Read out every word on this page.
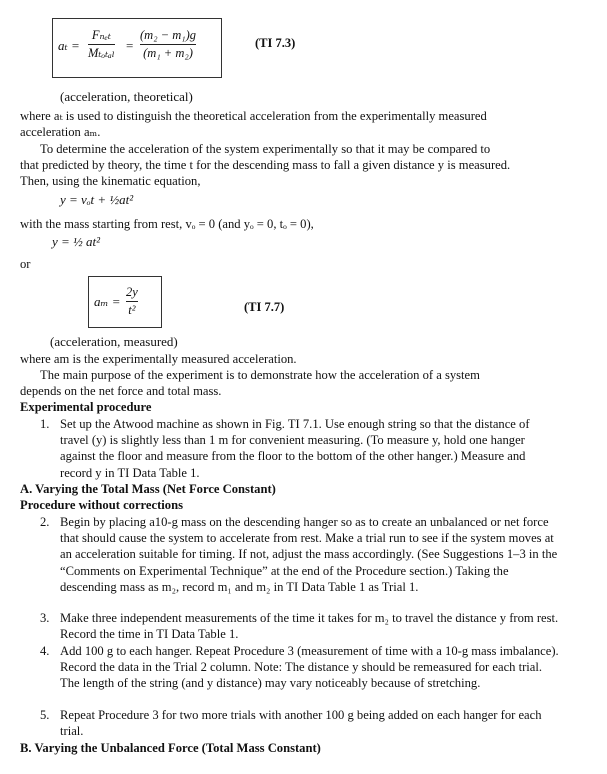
aₜ =
Fₙₑₜ
Mₜₒₜₐₗ =
(m₂ − m₁)g
(m₁ + m₂)
(TI 7.3)
(acceleration, theoretical)
where aₜ is used to distinguish the theoretical acceleration from the experimentally measured
acceleration aₘ.
To determine the acceleration of the system experimentally so that it may be compared to
that predicted by theory, the time t for the descending mass to fall a given distance y is measured.
Then, using the kinematic equation,
y = vₒt + ½at²
with the mass starting from rest, vₒ = 0 (and yₒ = 0, tₒ = 0),
y = ½ at²
or
aₘ =
2y
t²	(TI 7.7)
(acceleration, measured)
where am is the experimentally measured acceleration.
The main purpose of the experiment is to demonstrate how the acceleration of a system
depends on the net force and total mass.
Experimental procedure
1. Set up the Atwood machine as shown in Fig. TI 7.1. Use enough string so that the distance of travel (y) is slightly less than 1 m for convenient measuring. (To measure y, hold one hanger against the floor and measure from the floor to the bottom of the other hanger.) Measure and record y in TI Data Table 1.
A. Varying the Total Mass (Net Force Constant)
Procedure without corrections
2. Begin by placing a10-g mass on the descending hanger so as to create an unbalanced or net force that should cause the system to accelerate from rest. Make a trial run to see if the system moves at an acceleration suitable for timing. If not, adjust the mass accordingly. (See Suggestions 1–3 in the “Comments on Experimental Technique” at the end of the Procedure section.) Taking the descending mass as m₂, record m₁ and m₂ in TI Data Table 1 as Trial 1.
3. Make three independent measurements of the time it takes for m₂ to travel the distance y from rest. Record the time in TI Data Table 1.
4. Add 100 g to each hanger. Repeat Procedure 3 (measurement of time with a 10-g mass imbalance). Record the data in the Trial 2 column. Note: The distance y should be remeasured for each trial. The length of the string (and y distance) may vary noticeably because of stretching.
5. Repeat Procedure 3 for two more trials with another 100 g being added on each hanger for each trial.
B. Varying the Unbalanced Force (Total Mass Constant)
